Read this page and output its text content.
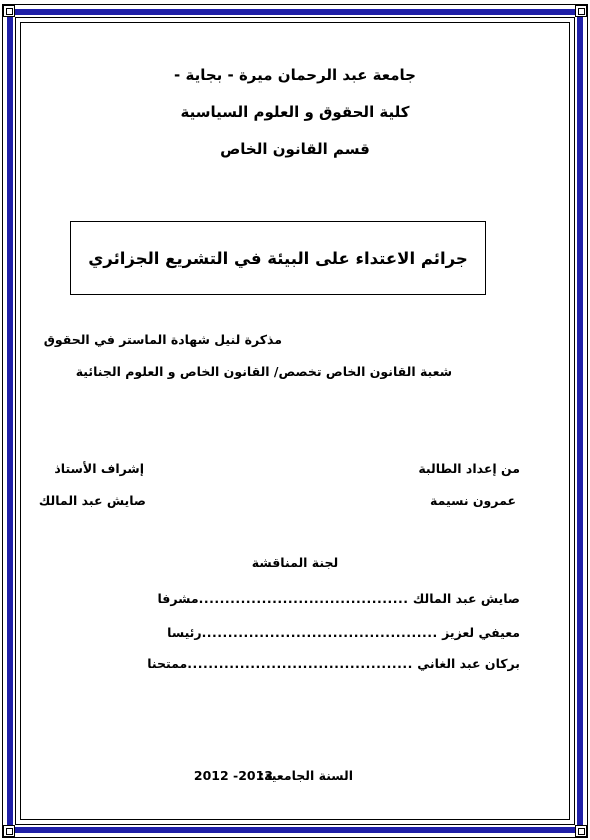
جامعة عبد الرحمان ميرة - بجاية -
كلية الحقوق و العلوم السياسية
قسم القانون الخاص
جرائم الاعتداء على البيئة في التشريع الجزائري
مذكرة لنيل شهادة الماستر في الحقوق
شعبة القانون الخاص تخصص/ القانون الخاص و العلوم الجنائية
من إعداد الطالبة
إشراف الأستاذ
عمرون نسيمة
صايش عبد المالك
لجنة المناقشة
صايش عبد المالك ........................................مشرفا
معيفي لعزيز .............................................رئيسا
بركان عبد الغاني ...........................................ممتحنا
السنة الجامعية:
2012 -2013
